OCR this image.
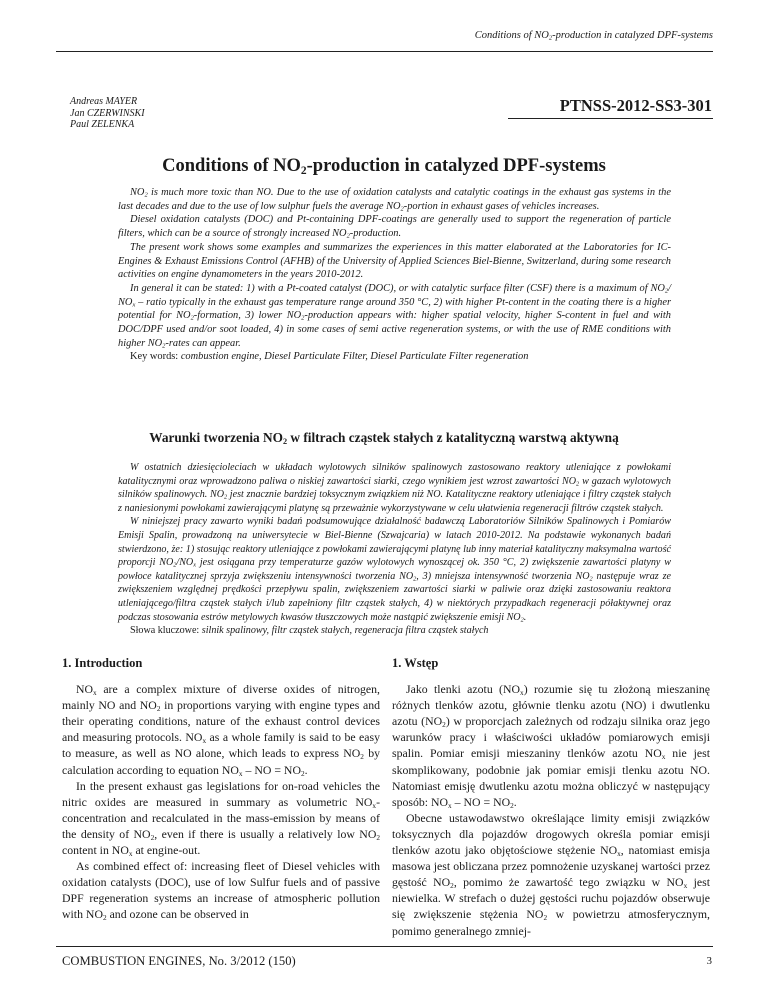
Conditions of $NO_2$-production in catalyzed DPF-systems
Andreas MAYER
Jan CZERWINSKI
Paul ZELENKA
PTNSS-2012-SS3-301
Conditions of $NO_2$-production in catalyzed DPF-systems

$NO_2$ is much more toxic than NO. Due to the use of oxidation catalysts and catalytic coatings in the exhaust gas systems in the last decades and due to the use of low sulphur fuels the average $NO_2$-portion in exhaust gases of vehicles increases.

Diesel oxidation catalysts (DOC) and Pt-containing DPF-coatings are generally used to support the regeneration of particle filters, which can be a source of strongly increased $NO_2$-production.

The present work shows some examples and summarizes the experiences in this matter elaborated at the Laboratories for IC-Engines & Exhaust Emissions Control (AFHB) of the University of Applied Sciences Biel-Bienne, Switzerland, during some research activities on engine dynamometers in the years 2010-2012.

In general it can be stated: 1) with a Pt-coated catalyst (DOC), or with catalytic surface filter (CSF) there is a maximum of $NO_2/$ $NO_x$ – ratio typically in the exhaust gas temperature range around 350 °C, 2) with higher Pt-content in the coating there is a higher potential for $NO_2$-formation, 3) lower $NO_2$-production appears with: higher spatial velocity, higher S-content in fuel and with DOC/DPF used and/or soot loaded, 4) in some cases of semi active regeneration systems, or with the use of RME conditions with higher $NO_2$-rates can appear.

Key words: combustion engine, Diesel Particulate Filter, Diesel Particulate Filter regeneration

Warunki tworzenia $NO_2$ w filtrach cząstek stałych z katalityczną warstwą aktywną

W ostatnich dziesięcioleciach w układach wylotowych silników spalinowych zastosowano reaktory utleniające z powłokami katalitycznymi oraz wprowadzono paliwa o niskiej zawartości siarki, czego wynikiem jest wzrost zawartości $NO_2$ w gazach wylotowych silników spalinowych. $NO_2$ jest znacznie bardziej toksycznym związkiem niż NO. Katalityczne reaktory utleniające i filtry cząstek stałych z naniesionymi powłokami zawierającymi platynę są przeważnie wykorzystywane w celu ułatwienia regeneracji filtrów cząstek stałych.

W niniejszej pracy zawarto wyniki badań podsumowujące działalność badawczą Laboratoriów Silników Spalinowych i Pomiarów Emisji Spalin, prowadzoną na uniwersytecie w Biel-Bienne (Szwajcaria) w latach 2010-2012. Na podstawie wykonanych badań stwierdzono, że: 1) stosując reaktory utleniające z powłokami zawierającymi platynę lub inny materiał katalityczny maksymalna wartość proporcji $NO_2/NO_x$ jest osiągana przy temperaturze gazów wylotowych wynoszącej ok. 350 °C, 2) zwiększenie zawartości platyny w powłoce katalitycznej sprzyja zwiększeniu intensywności tworzenia $NO_2$, 3) mniejsza intensywność tworzenia $NO_2$ następuje wraz ze zwiększeniem względnej prędkości przepływu spalin, zwiększeniem zawartości siarki w paliwie oraz dzięki zastosowaniu reaktora utleniającego/filtra cząstek stałych i/lub zapełniony filtr cząstek stałych, 4) w niektórych przypadkach regeneracji półaktywnej oraz podczas stosowania estrów metylowych kwasów tłuszczowych może nastąpić zwiększenie emisji $NO_2$.

Słowa kluczowe: silnik spalinowy, filtr cząstek stałych, regeneracja filtra cząstek stałych

1. Introduction

$NO_x$ are a complex mixture of diverse oxides of nitrogen, mainly NO and $NO_2$ in proportions varying with engine types and their operating conditions, nature of the exhaust control devices and measuring protocols. $NO_x$ as a whole family is said to be easy to measure, as well as NO alone, which leads to express $NO_2$ by calculation according to equation $NO_x$ – NO = $NO_2$.

In the present exhaust gas legislations for on-road vehicles the nitric oxides are measured in summary as volumetric $NO_x$-concentration and recalculated in the mass-emission by means of the density of $NO_2$, even if there is usually a relatively low $NO_2$ content in $NO_x$ at engine-out.

As combined effect of: increasing fleet of Diesel vehicles with oxidation catalysts (DOC), use of low Sulfur fuels and of passive DPF regeneration systems an increase of atmospheric pollution with $NO_2$ and ozone can be observed in

1. Wstęp

Jako tlenki azotu $(NO_x)$ rozumie się tu złożoną mieszaninę różnych tlenków azotu, głównie tlenku azotu (NO) i dwutlenku azotu $(NO_2)$ w proporcjach zależnych od rodzaju silnika oraz jego warunków pracy i właściwości układów pomiarowych emisji spalin. Pomiar emisji mieszaniny tlenków azotu $NO_x$ nie jest skomplikowany, podobnie jak pomiar emisji tlenku azotu NO. Natomiast emisję dwutlenku azotu można obliczyć w następujący sposób: $NO_x$ – NO = $NO_2$.

Obecne ustawodawstwo określające limity emisji związków toksycznych dla pojazdów drogowych określa pomiar emisji tlenków azotu jako objętościowe stężenie $NO_x$, natomiast emisja masowa jest obliczana przez pomnożenie uzyskanej wartości przez gęstość $NO_2$, pomimo że zawartość tego związku w $NO_x$ jest niewielka. W strefach o dużej gęstości ruchu pojazdów obserwuje się zwiększenie stężenia $NO_2$ w powietrzu atmosferycznym, pomimo generalnego zmniej-

COMBUSTION ENGINES, No. 3/2012 (150)	3
